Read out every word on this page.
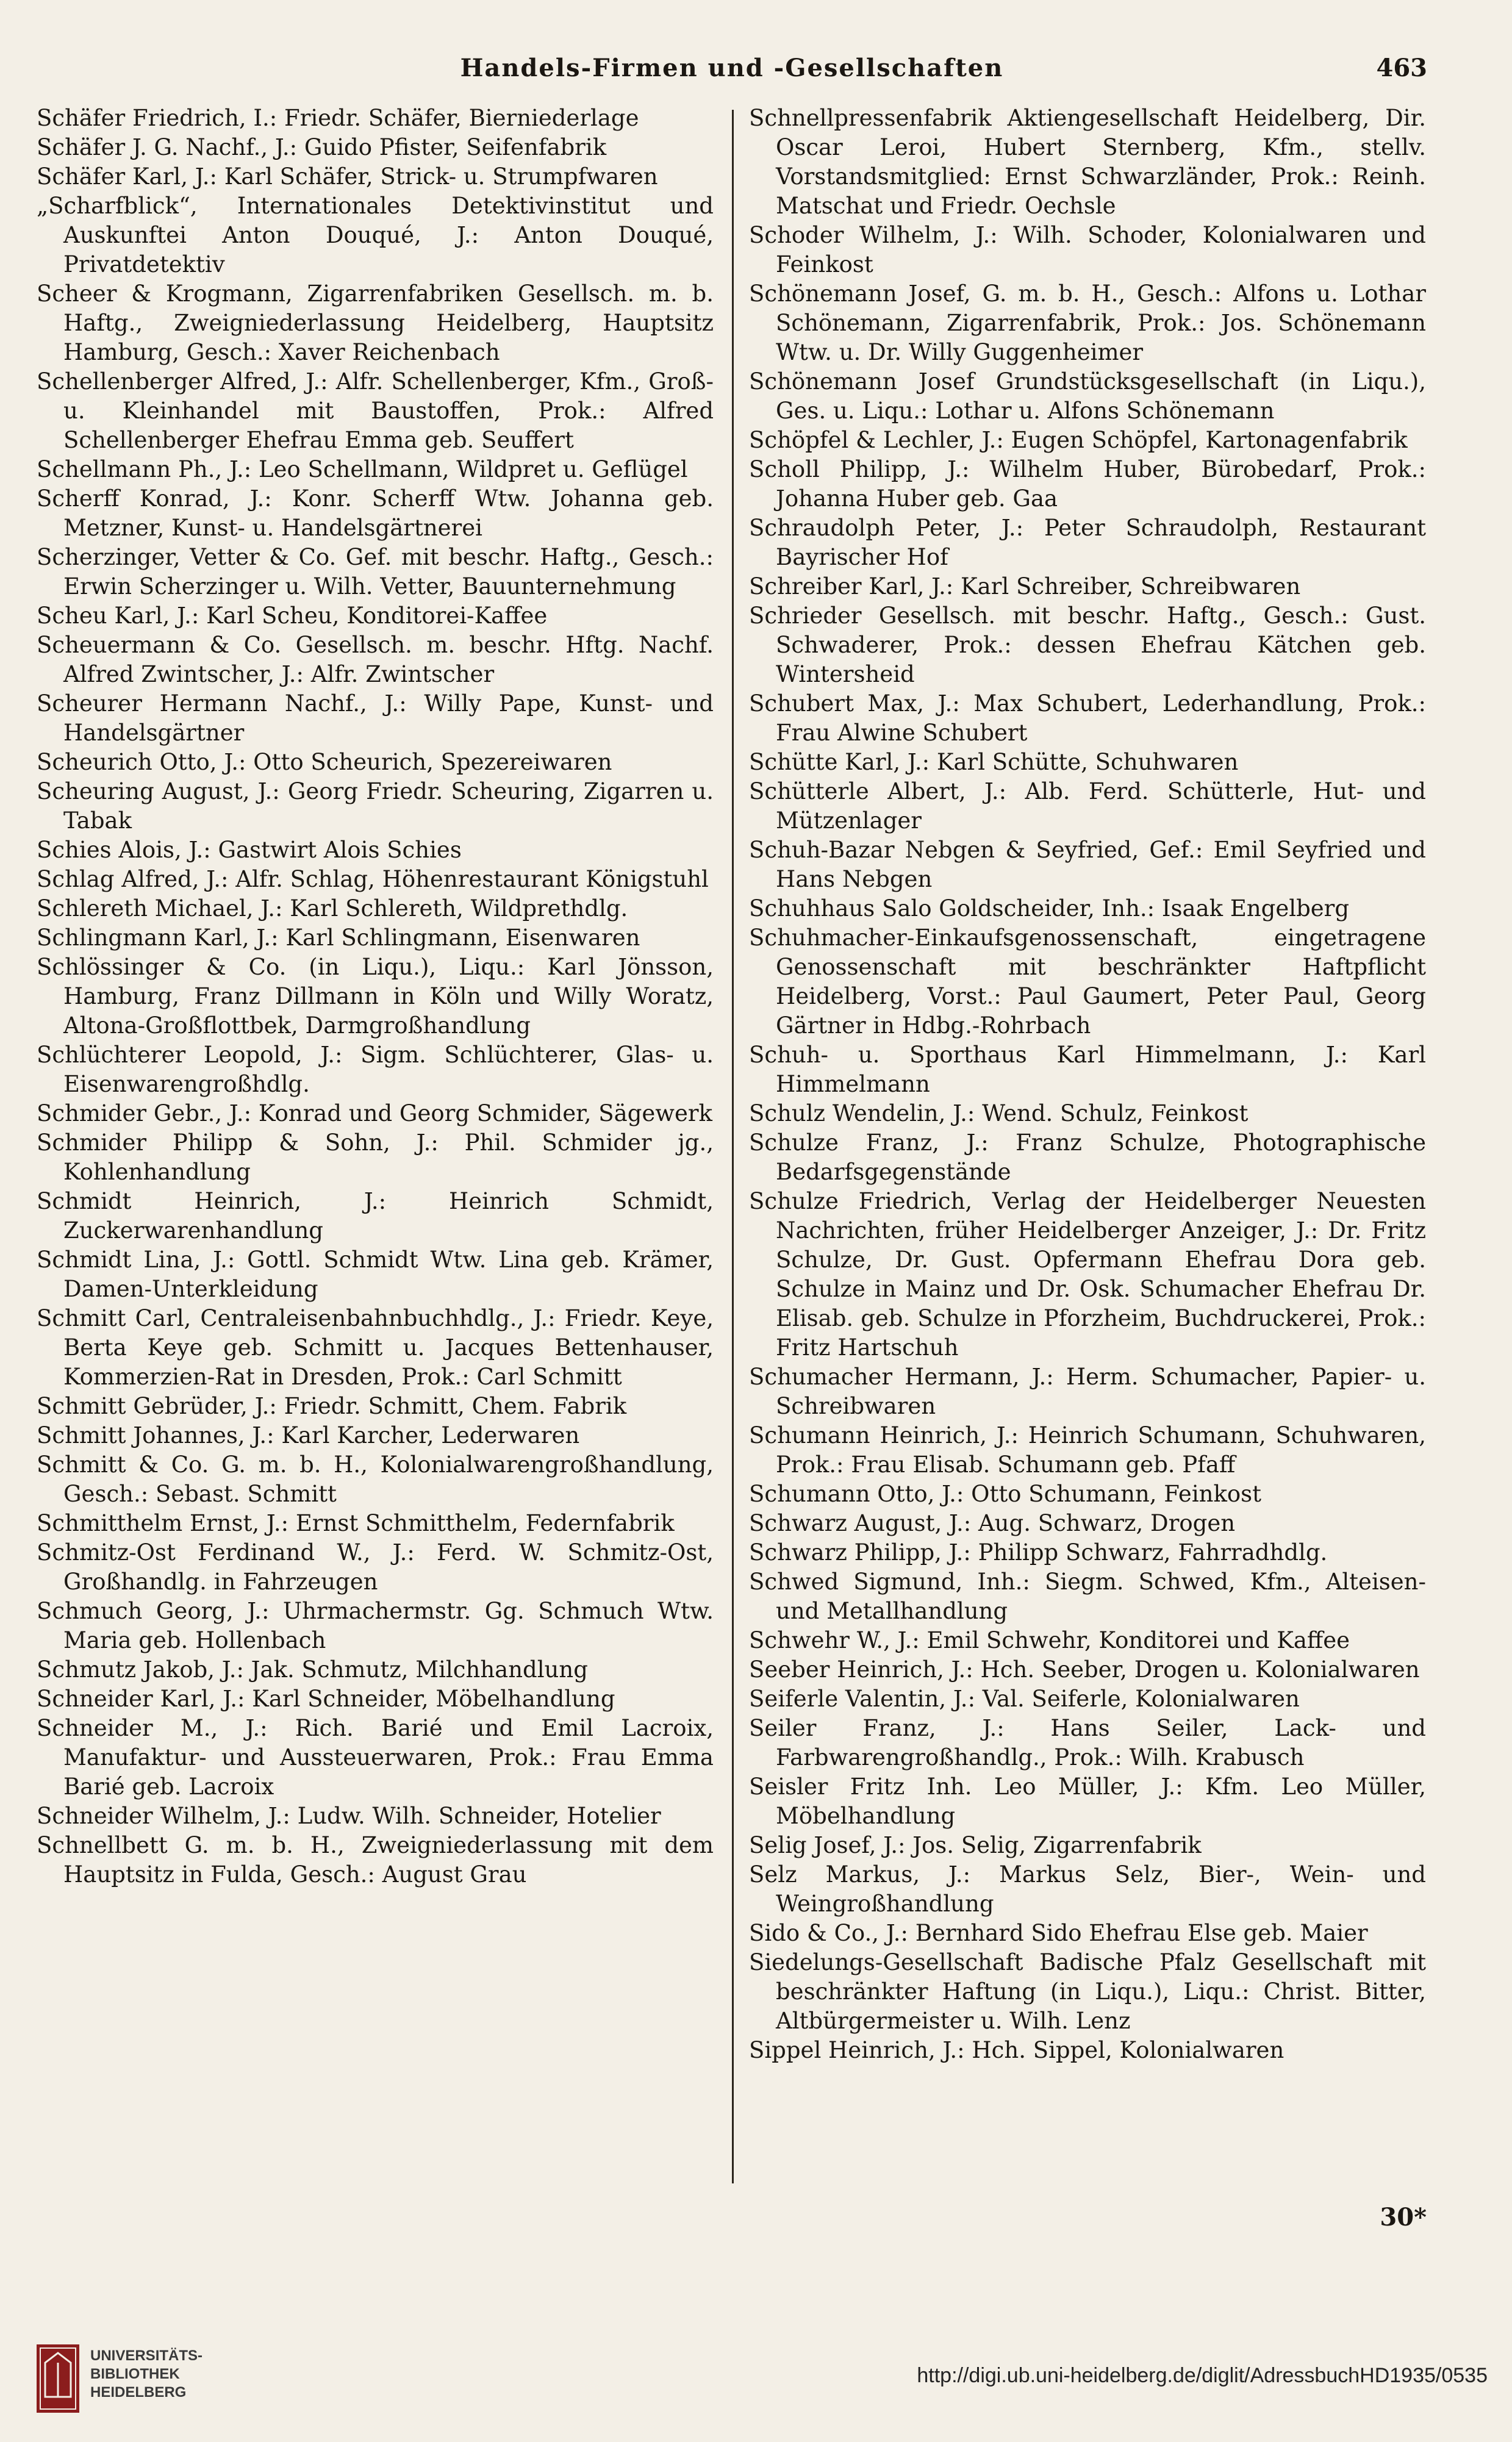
Handels-Firmen und -Gesellschaften	463

Schäfer Friedrich, I.: Friedr. Schäfer, Bierniederlage

Schäfer J. G. Nachf., J.: Guido Pfister, Seifenfabrik

Schäfer Karl, J.: Karl Schäfer, Strick- u. Strumpfwaren

„Scharfblick“, Internationales Detektivinstitut und Auskunftei Anton Douqué, J.: Anton Douqué, Privatdetektiv

Scheer & Krogmann, Zigarrenfabriken Gesellsch. m. b. Haftg., Zweigniederlassung Heidelberg, Hauptsitz Hamburg, Gesch.: Xaver Reichenbach

Schellenberger Alfred, J.: Alfr. Schellenberger, Kfm., Groß- u. Kleinhandel mit Baustoffen, Prok.: Alfred Schellenberger Ehefrau Emma geb. Seuffert

Schellmann Ph., J.: Leo Schellmann, Wildpret u. Geflügel

Scherff Konrad, J.: Konr. Scherff Wtw. Johanna geb. Metzner, Kunst- u. Handelsgärtnerei

Scherzinger, Vetter & Co. Gef. mit beschr. Haftg., Gesch.: Erwin Scherzinger u. Wilh. Vetter, Bauunternehmung

Scheu Karl, J.: Karl Scheu, Konditorei-Kaffee

Scheuermann & Co. Gesellsch. m. beschr. Hftg. Nachf. Alfred Zwintscher, J.: Alfr. Zwintscher

Scheurer Hermann Nachf., J.: Willy Pape, Kunst- und Handelsgärtner

Scheurich Otto, J.: Otto Scheurich, Spezereiwaren

Scheuring August, J.: Georg Friedr. Scheuring, Zigarren u. Tabak

Schies Alois, J.: Gastwirt Alois Schies

Schlag Alfred, J.: Alfr. Schlag, Höhenrestaurant Königstuhl

Schlereth Michael, J.: Karl Schlereth, Wildprethdlg.

Schlingmann Karl, J.: Karl Schlingmann, Eisenwaren

Schlössinger & Co. (in Liqu.), Liqu.: Karl Jönsson, Hamburg, Franz Dillmann in Köln und Willy Woratz, Altona-Großflottbek, Darmgroßhandlung

Schlüchterer Leopold, J.: Sigm. Schlüchterer, Glas- u. Eisenwarengroßhdlg.

Schmider Gebr., J.: Konrad und Georg Schmider, Sägewerk

Schmider Philipp & Sohn, J.: Phil. Schmider jg., Kohlenhandlung

Schmidt Heinrich, J.: Heinrich Schmidt, Zuckerwarenhandlung

Schmidt Lina, J.: Gottl. Schmidt Wtw. Lina geb. Krämer, Damen-Unterkleidung

Schmitt Carl, Centraleisenbahnbuchhdlg., J.: Friedr. Keye, Berta Keye geb. Schmitt u. Jacques Bettenhauser, Kommerzien-Rat in Dresden, Prok.: Carl Schmitt

Schmitt Gebrüder, J.: Friedr. Schmitt, Chem. Fabrik

Schmitt Johannes, J.: Karl Karcher, Lederwaren

Schmitt & Co. G. m. b. H., Kolonialwarengroßhandlung, Gesch.: Sebast. Schmitt

Schmitthelm Ernst, J.: Ernst Schmitthelm, Federnfabrik

Schmitz-Ost Ferdinand W., J.: Ferd. W. Schmitz-Ost, Großhandlg. in Fahrzeugen

Schmuch Georg, J.: Uhrmachermstr. Gg. Schmuch Wtw. Maria geb. Hollenbach

Schmutz Jakob, J.: Jak. Schmutz, Milchhandlung

Schneider Karl, J.: Karl Schneider, Möbelhandlung

Schneider M., J.: Rich. Barié und Emil Lacroix, Manufaktur- und Aussteuerwaren, Prok.: Frau Emma Barié geb. Lacroix

Schneider Wilhelm, J.: Ludw. Wilh. Schneider, Hotelier

Schnellbett G. m. b. H., Zweigniederlassung mit dem Hauptsitz in Fulda, Gesch.: August Grau

Schnellpressenfabrik Aktiengesellschaft Heidelberg, Dir. Oscar Leroi, Hubert Sternberg, Kfm., stellv. Vorstandsmitglied: Ernst Schwarzländer, Prok.: Reinh. Matschat und Friedr. Oechsle

Schoder Wilhelm, J.: Wilh. Schoder, Kolonialwaren und Feinkost

Schönemann Josef, G. m. b. H., Gesch.: Alfons u. Lothar Schönemann, Zigarrenfabrik, Prok.: Jos. Schönemann Wtw. u. Dr. Willy Guggenheimer

Schönemann Josef Grundstücksgesellschaft (in Liqu.), Ges. u. Liqu.: Lothar u. Alfons Schönemann

Schöpfel & Lechler, J.: Eugen Schöpfel, Kartonagenfabrik

Scholl Philipp, J.: Wilhelm Huber, Bürobedarf, Prok.: Johanna Huber geb. Gaa

Schraudolph Peter, J.: Peter Schraudolph, Restaurant Bayrischer Hof

Schreiber Karl, J.: Karl Schreiber, Schreibwaren

Schrieder Gesellsch. mit beschr. Haftg., Gesch.: Gust. Schwaderer, Prok.: dessen Ehefrau Kätchen geb. Wintersheid

Schubert Max, J.: Max Schubert, Lederhandlung, Prok.: Frau Alwine Schubert

Schütte Karl, J.: Karl Schütte, Schuhwaren

Schütterle Albert, J.: Alb. Ferd. Schütterle, Hut- und Mützenlager

Schuh-Bazar Nebgen & Seyfried, Gef.: Emil Seyfried und Hans Nebgen

Schuhhaus Salo Goldscheider, Inh.: Isaak Engelberg

Schuhmacher-Einkaufsgenossenschaft, eingetragene Genossenschaft mit beschränkter Haftpflicht Heidelberg, Vorst.: Paul Gaumert, Peter Paul, Georg Gärtner in Hdbg.-Rohrbach

Schuh- u. Sporthaus Karl Himmelmann, J.: Karl Himmelmann

Schulz Wendelin, J.: Wend. Schulz, Feinkost

Schulze Franz, J.: Franz Schulze, Photographische Bedarfsgegenstände

Schulze Friedrich, Verlag der Heidelberger Neuesten Nachrichten, früher Heidelberger Anzeiger, J.: Dr. Fritz Schulze, Dr. Gust. Opfermann Ehefrau Dora geb. Schulze in Mainz und Dr. Osk. Schumacher Ehefrau Dr. Elisab. geb. Schulze in Pforzheim, Buchdruckerei, Prok.: Fritz Hartschuh

Schumacher Hermann, J.: Herm. Schumacher, Papier- u. Schreibwaren

Schumann Heinrich, J.: Heinrich Schumann, Schuhwaren, Prok.: Frau Elisab. Schumann geb. Pfaff

Schumann Otto, J.: Otto Schumann, Feinkost

Schwarz August, J.: Aug. Schwarz, Drogen

Schwarz Philipp, J.: Philipp Schwarz, Fahrradhdlg.

Schwed Sigmund, Inh.: Siegm. Schwed, Kfm., Alteisen- und Metallhandlung

Schwehr W., J.: Emil Schwehr, Konditorei und Kaffee

Seeber Heinrich, J.: Hch. Seeber, Drogen u. Kolonialwaren

Seiferle Valentin, J.: Val. Seiferle, Kolonialwaren

Seiler Franz, J.: Hans Seiler, Lack- und Farbwarengroßhandlg., Prok.: Wilh. Krabusch

Seisler Fritz Inh. Leo Müller, J.: Kfm. Leo Müller, Möbelhandlung

Selig Josef, J.: Jos. Selig, Zigarrenfabrik

Selz Markus, J.: Markus Selz, Bier-, Wein- und Weingroßhandlung

Sido & Co., J.: Bernhard Sido Ehefrau Else geb. Maier

Siedelungs-Gesellschaft Badische Pfalz Gesellschaft mit beschränkter Haftung (in Liqu.), Liqu.: Christ. Bitter, Altbürgermeister u. Wilh. Lenz

Sippel Heinrich, J.: Hch. Sippel, Kolonialwaren

30*
UNIVERSITÄTS-
BIBLIOTHEK
HEIDELBERG
http://digi.ub.uni-heidelberg.de/diglit/AdressbuchHD1935/0535
